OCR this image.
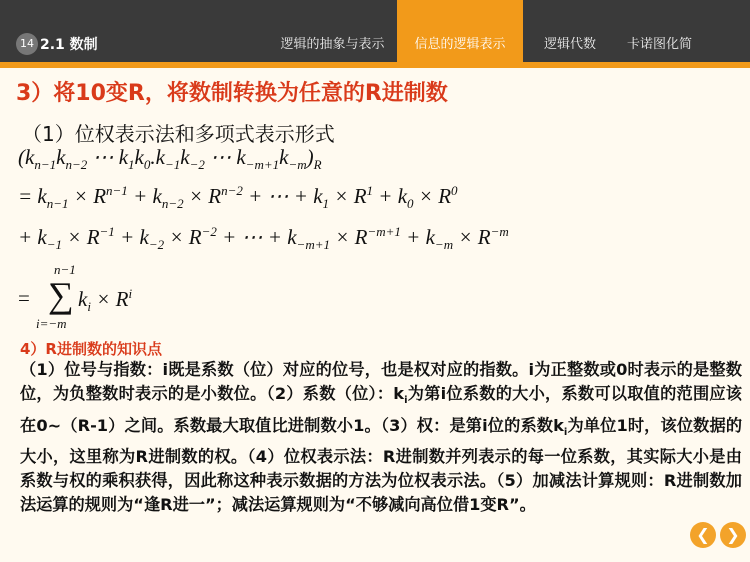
14 2.1 数制	逻辑的抽象与表示	信息的逻辑表示	逻辑代数	卡诺图化简
3）将10变R，将数制转换为任意的R进制数
（1）位权表示法和多项式表示形式
($k_{n-1}k_{n-2}$ ⋯ $k_1k_0.k_{-1}k_{-2}$ ⋯ $k_{-m+1}k_{-m})_R$
= $k_{n-1} \times R^{n-1} + k_{n-2} \times R^{n-2}$ + ⋯ + $k_1 \times R^1 + k_0 \times R^0$
+ $k_{-1} \times R^{-1} + k_{-2} \times R^{-2}$ + ⋯ + $k_{-m+1} \times R^{-m+1} + k_{-m} \times R^{-m}$
=
n−1
∑
i=−m
$k_i \times R^i$
4）R进制数的知识点
（1）位号与指数：i既是系数（位）对应的位号，也是权对应的指数。i为正整数或0时表示的是整数位，为负整数时表示的是小数位。（2）系数（位）：$k_i$为第i位系数的大小，系数可以取值的范围应该在0~（R-1）之间。系数最大取值比进制数小1。（3）权：是第i位的系数$k_i$为单位1时，该位数据的大小，这里称为R进制数的权。（4）位权表示法：R进制数并列表示的每一位系数，其实际大小是由系数与权的乘积获得，因此称这种表示数据的方法为位权表示法。（5）加减法计算规则：R进制数加法运算的规则为“逢R进一”；减法运算规则为“不够减向高位借1变R”。
❮	❯
